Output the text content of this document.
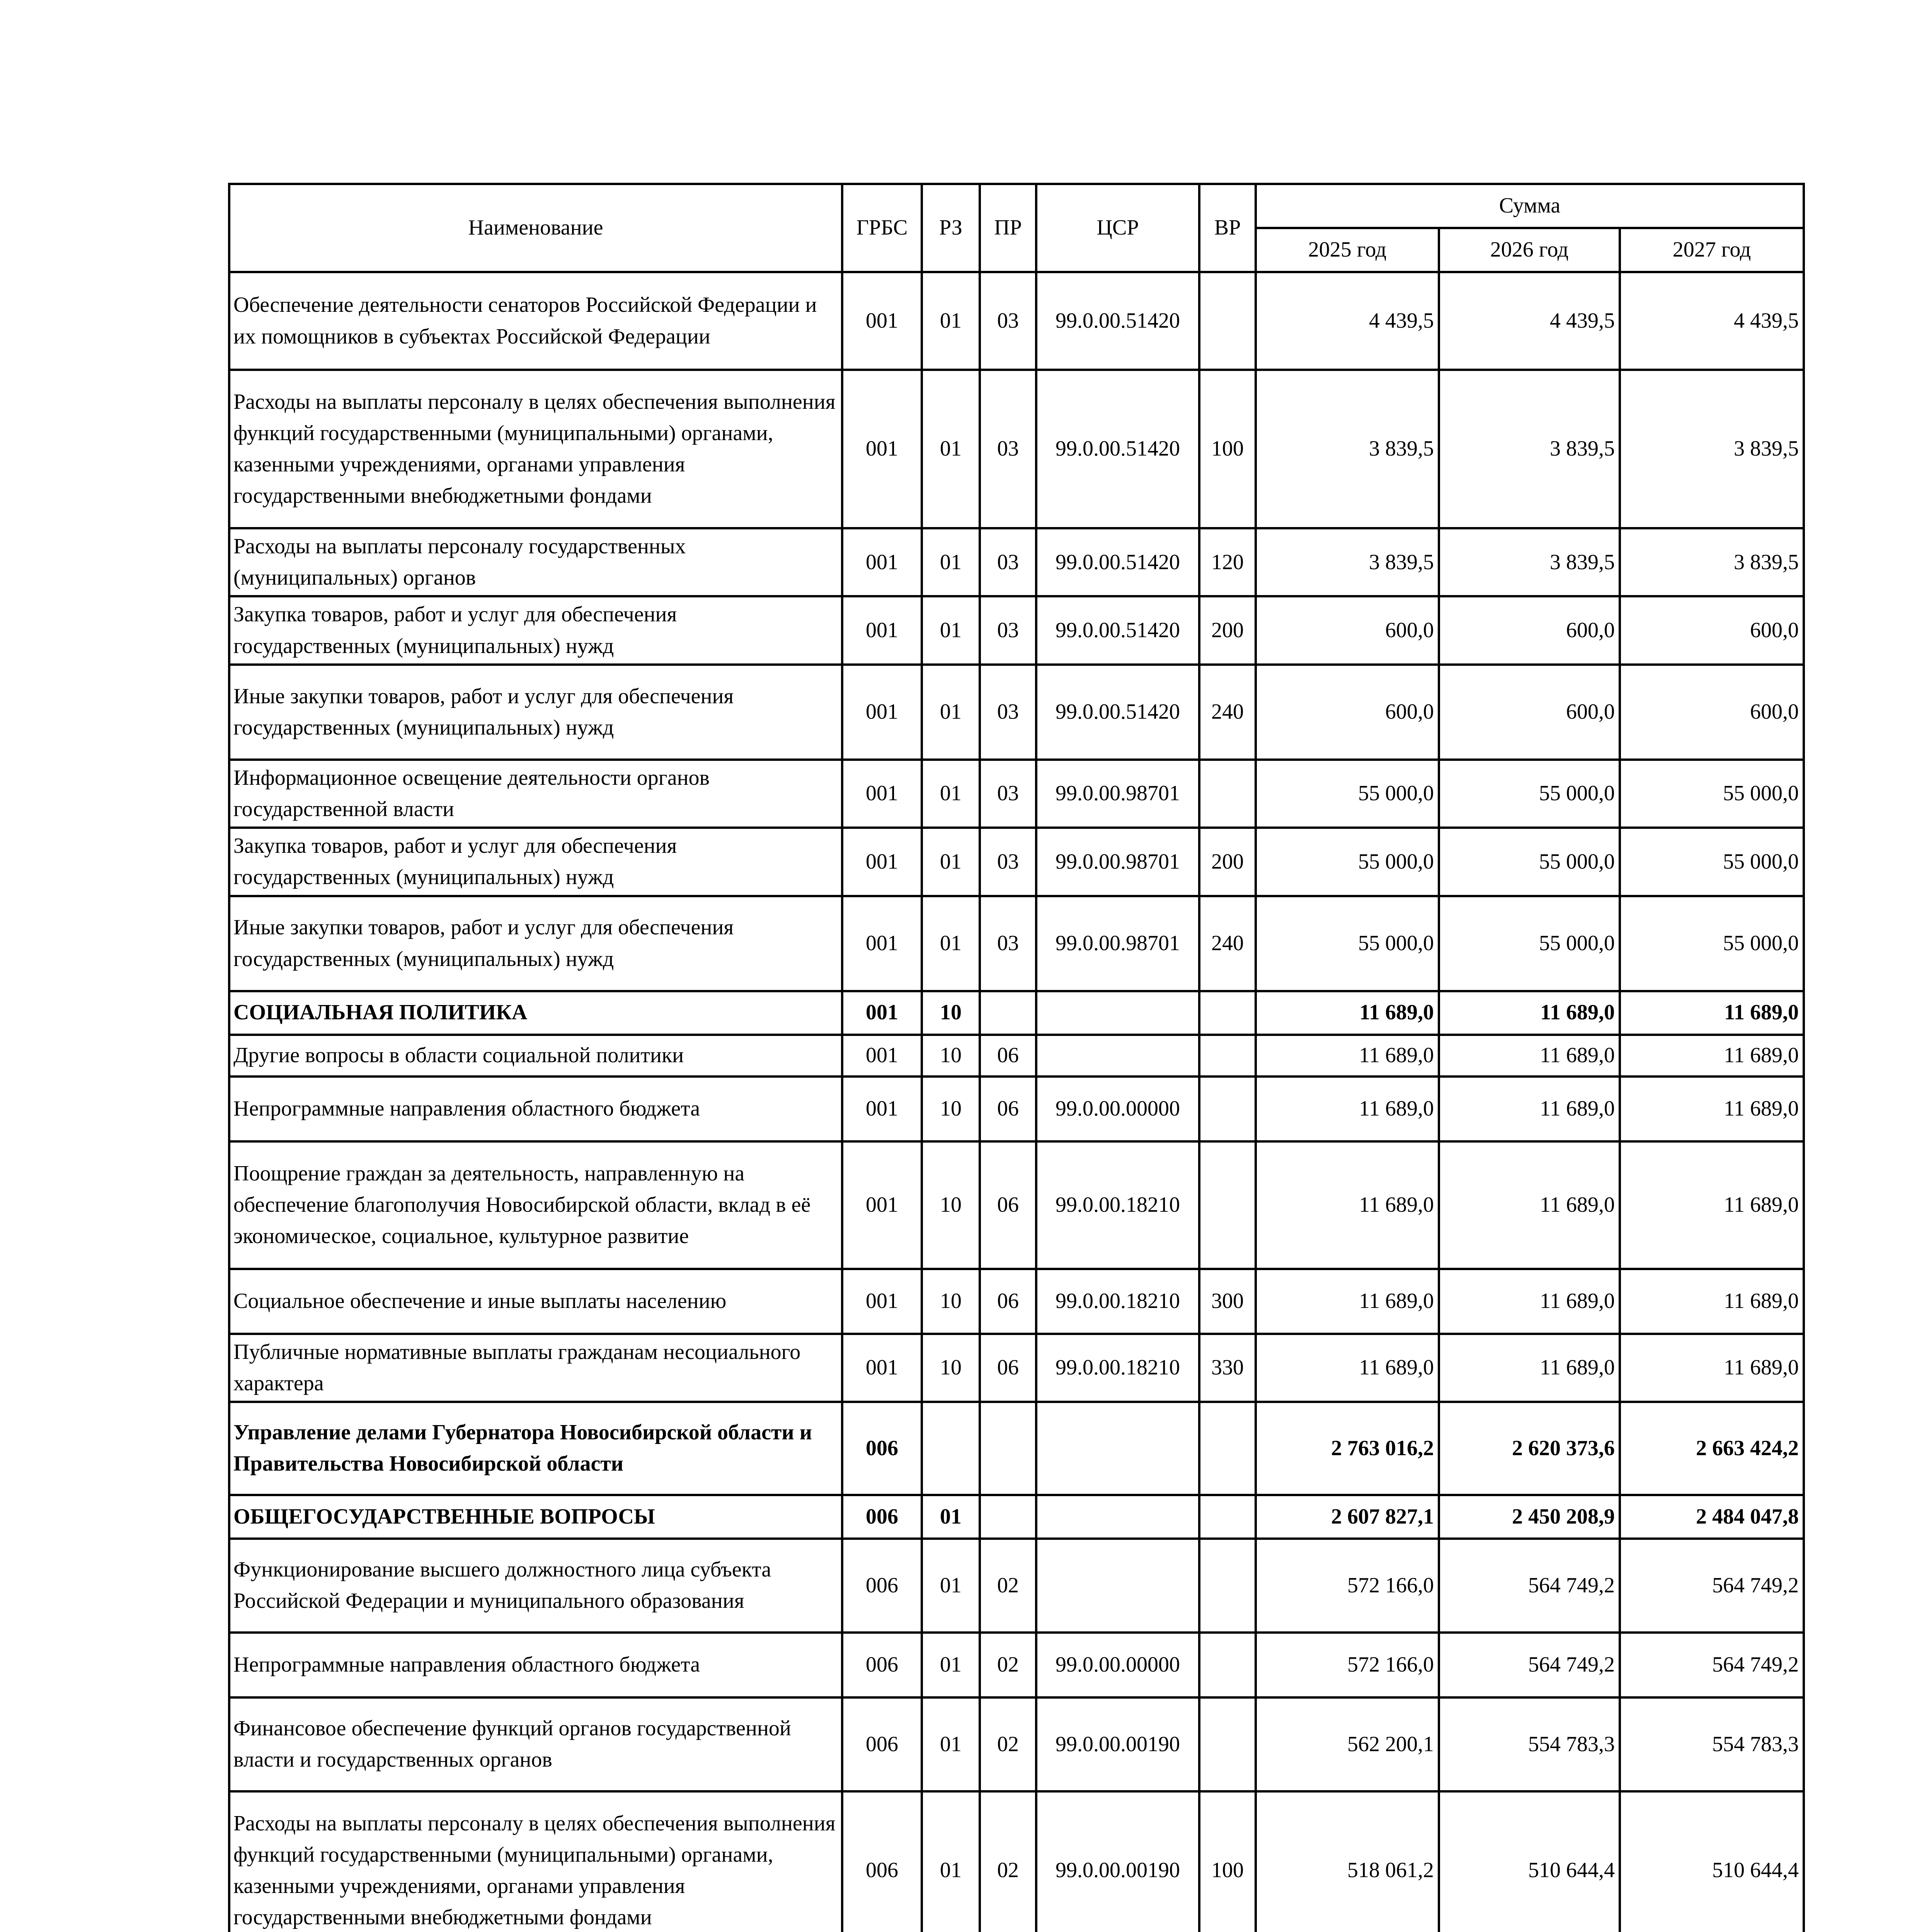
Наименование	ГРБС	РЗ	ПР	ЦСР	ВР	Сумма		
						2025 год	2026 год	2027 год
Обеспечение деятельности сенаторов Российской Федерации и их помощников в субъектах Российской Федерации	001	01	03	99.0.00.51420		4 439,5	4 439,5	4 439,5
Расходы на выплаты персоналу в целях обеспечения выполнения функций государственными (муниципальными) органами, казенными учреждениями, органами управления государственными внебюджетными фондами	001	01	03	99.0.00.51420	100	3 839,5	3 839,5	3 839,5
Расходы на выплаты персоналу государственных (муниципальных) органов	001	01	03	99.0.00.51420	120	3 839,5	3 839,5	3 839,5
Закупка товаров, работ и услуг для обеспечения государственных (муниципальных) нужд	001	01	03	99.0.00.51420	200	600,0	600,0	600,0
Иные закупки товаров, работ и услуг для обеспечения государственных (муниципальных) нужд	001	01	03	99.0.00.51420	240	600,0	600,0	600,0
Информационное освещение деятельности органов государственной власти	001	01	03	99.0.00.98701		55 000,0	55 000,0	55 000,0
Закупка товаров, работ и услуг для обеспечения государственных (муниципальных) нужд	001	01	03	99.0.00.98701	200	55 000,0	55 000,0	55 000,0
Иные закупки товаров, работ и услуг для обеспечения государственных (муниципальных) нужд	001	01	03	99.0.00.98701	240	55 000,0	55 000,0	55 000,0
СОЦИАЛЬНАЯ ПОЛИТИКА	001	10				11 689,0	11 689,0	11 689,0
Другие вопросы в области социальной политики	001	10	06			11 689,0	11 689,0	11 689,0
Непрограммные направления областного бюджета	001	10	06	99.0.00.00000		11 689,0	11 689,0	11 689,0
Поощрение граждан за деятельность, направленную на обеспечение благополучия Новосибирской области, вклад в её экономическое, социальное, культурное развитие	001	10	06	99.0.00.18210		11 689,0	11 689,0	11 689,0
Социальное обеспечение и иные выплаты населению	001	10	06	99.0.00.18210	300	11 689,0	11 689,0	11 689,0
Публичные нормативные выплаты гражданам несоциального характера	001	10	06	99.0.00.18210	330	11 689,0	11 689,0	11 689,0
Управление делами Губернатора Новосибирской области и Правительства Новосибирской области	006					2 763 016,2	2 620 373,6	2 663 424,2
ОБЩЕГОСУДАРСТВЕННЫЕ ВОПРОСЫ	006	01				2 607 827,1	2 450 208,9	2 484 047,8
Функционирование высшего должностного лица субъекта Российской Федерации и муниципального образования	006	01	02			572 166,0	564 749,2	564 749,2
Непрограммные направления областного бюджета	006	01	02	99.0.00.00000		572 166,0	564 749,2	564 749,2
Финансовое обеспечение функций органов государственной власти и государственных органов	006	01	02	99.0.00.00190		562 200,1	554 783,3	554 783,3
Расходы на выплаты персоналу в целях обеспечения выполнения функций государственными (муниципальными) органами, казенными учреждениями, органами управления государственными внебюджетными фондами	006	01	02	99.0.00.00190	100	518 061,2	510 644,4	510 644,4
